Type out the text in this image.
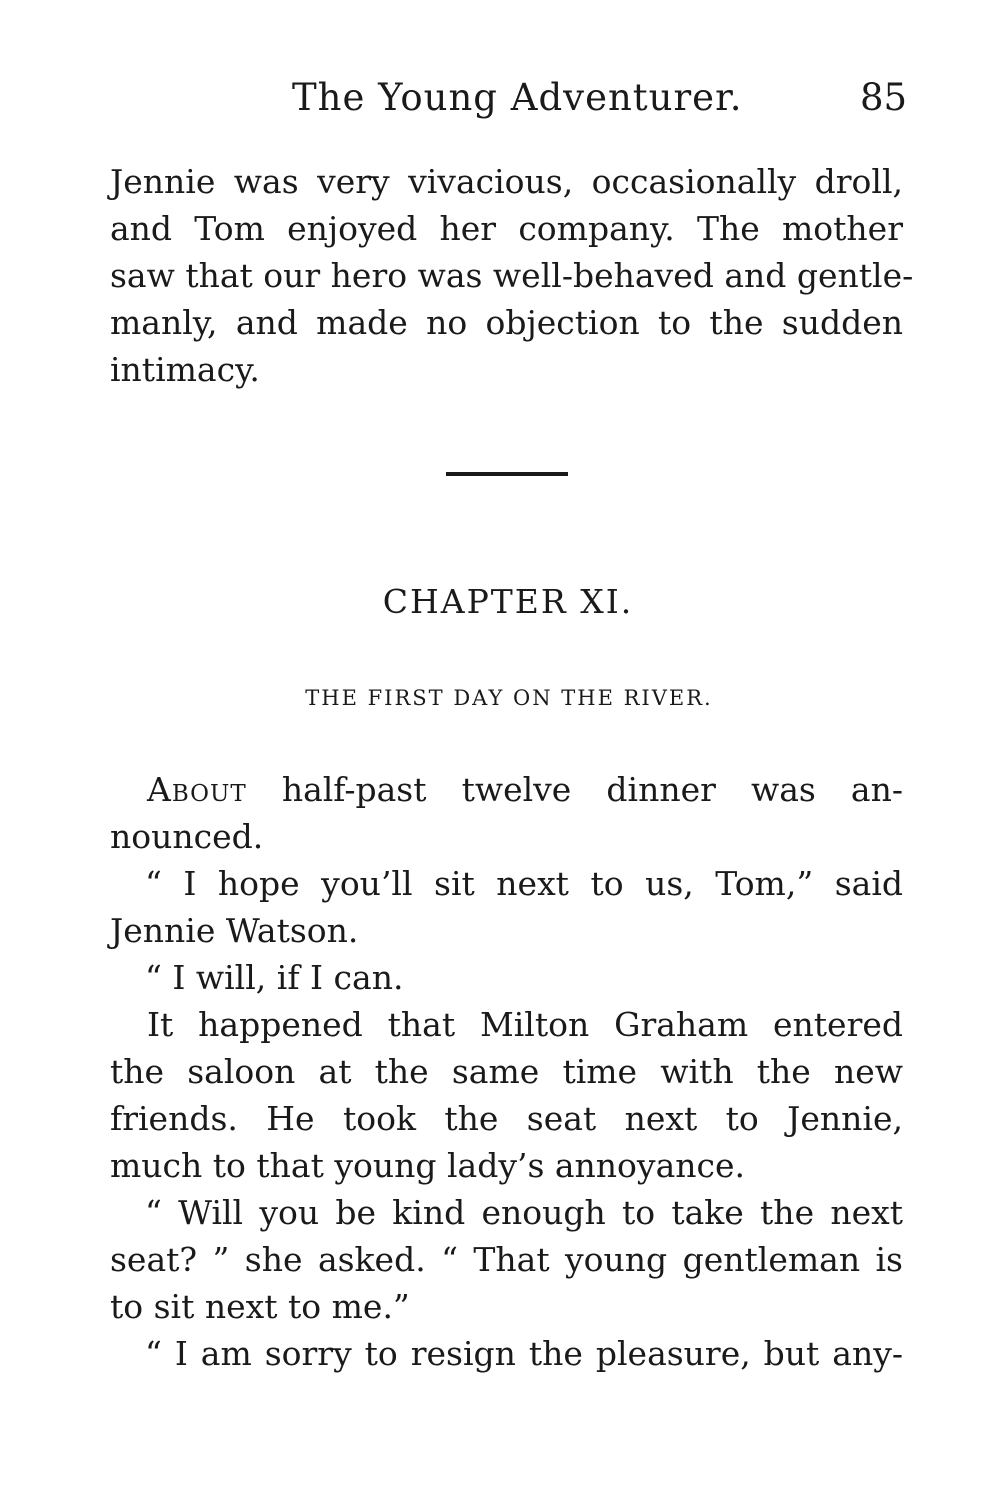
The Young Adventurer.	85
Jennie was very vivacious, occasionally droll,
and Tom enjoyed her company. The mother
saw that our hero was well-behaved and gentle-
manly, and made no objection to the sudden
intimacy.
CHAPTER XI.
THE FIRST DAY ON THE RIVER.
About half-past twelve dinner was an-
nounced.
“ I hope you’ll sit next to us, Tom,” said
Jennie Watson.
“ I will, if I can.
It happened that Milton Graham entered
the saloon at the same time with the new
friends. He took the seat next to Jennie,
much to that young lady’s annoyance.
“ Will you be kind enough to take the next
seat? ” she asked. “ That young gentleman is
to sit next to me.”
“ I am sorry to resign the pleasure, but any-
